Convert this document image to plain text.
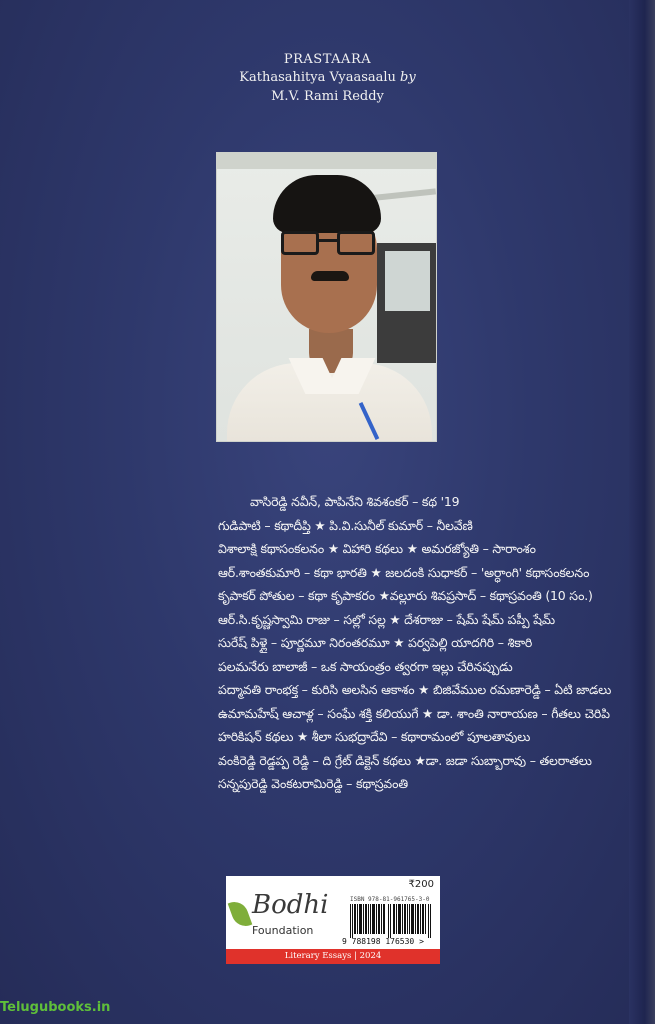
PRASTAARA
Kathasahitya Vyaasaalu by
M.V. Rami Reddy
వాసిరెడ్డి నవీన్, పాపినేని శివశంకర్ – కథ '19
గుడిపాటి – కథాదీప్తి ★ పి.వి.సునీల్ కుమార్ – నీలవేణి
విశాలాక్షి కథాసంకలనం ★ విహారి కథలు ★ అమరజ్యోతి – సారాంశం
ఆర్.శాంతకుమారి – కథా భారతి ★ జలదంకి సుధాకర్ – 'అర్ధాంగి' కథాసంకలనం
కృపాకర్ పోతుల – కథా కృపాకరం ★వల్లూరు శివప్రసాద్ – కథాస్రవంతి (10 సం.)
ఆర్.సి.కృష్ణస్వామి రాజు – సల్లో సల్ల ★ దేశరాజు – షేమ్ షేమ్ పప్పీ షేమ్
సురేష్ పిళ్లై – పూర్ణమూ నిరంతరమూ ★ పర్వపెల్లి యాదగిరి – శికారి
పలమనేరు బాలాజీ – ఒక సాయంత్రం త్వరగా ఇల్లు చేరినప్పుడు
పద్మావతి రాంభక్త – కురిసి అలసిన ఆకాశం ★ బిజివేముల రమణారెడ్డి – ఏటి జాడలు
ఉమామహేష్ ఆచాళ్ల – సంఘే శక్తి కలియుగే ★ డా. శాంతి నారాయణ – గీతలు చెరిపి
హరికిషన్ కథలు ★ శీలా సుభద్రాదేవి – కథారామంలో పూలతావులు
వంకిరెడ్డి రెడ్డప్ప రెడ్డి – ది గ్రేట్ డిక్టెన్ కథలు ★డా. జడా సుబ్బారావు – తలరాతలు
సన్నపురెడ్డి వెంకటరామిరెడ్డి – కథాస్రవంతి
Bodhi
Foundation
₹200
ISBN 978-81-961765-3-0
9 788198 176530 >
Literary Essays | 2024
Telugubooks.in
